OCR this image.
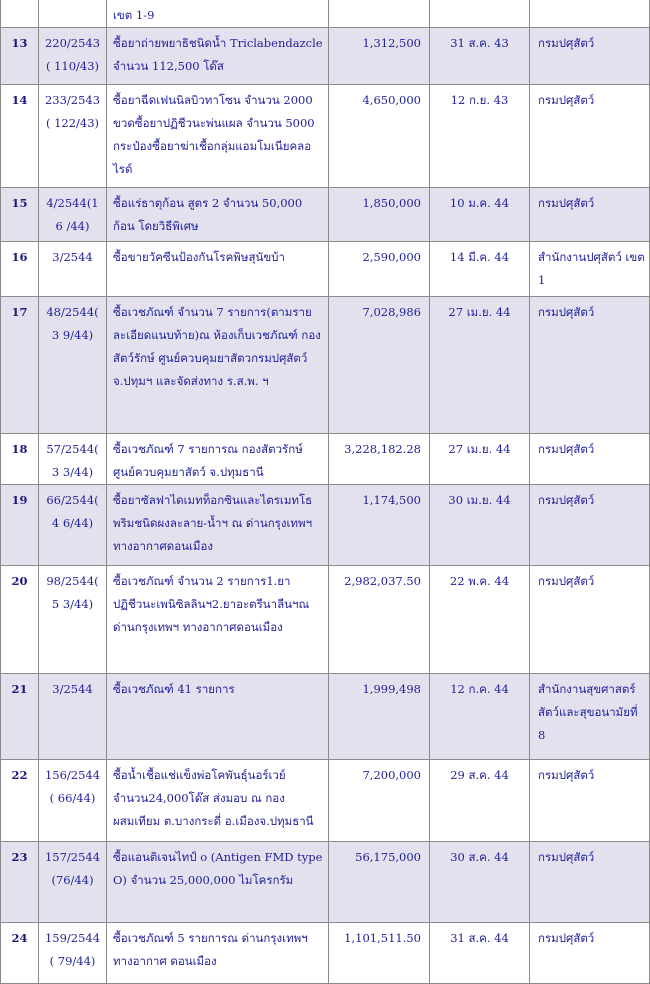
		เขต 1-9			
13	220/2543( 110/43)	ซื้อยาถ่ายพยาธิชนิดน้ำ Triclabendazcle จำนวน 112,500 โด๊ส	1,312,500	31 ส.ค. 43	กรมปศุสัตว์
14	233/2543( 122/43)	ซื้อยาฉีดเฟนนิลบิวทาโซน จำนวน 2000 ขวดซื้อยาปฏิชีวนะพ่นแผล จำนวน 5000 กระป๋องซื้อยาฆ่าเชื้อกลุ่มแอมโมเนียคลอไรด์	4,650,000	12 ก.ย. 43	กรมปศุสัตว์
15	4/2544(16 /44)	ซื้อแร่ธาตุก้อน สูตร 2 จำนวน 50,000 ก้อน โดยวิธีพิเศษ	1,850,000	10 ม.ค. 44	กรมปศุสัตว์
16	3/2544	ซื้อขายวัคซีนป้องกันโรคพิษสุนัขบ้า	2,590,000	14 มี.ค. 44	สำนักงานปศุสัตว์ เขต 1
17	48/2544(3 9/44)	ซื้อเวชภัณฑ์ จำนวน 7 รายการ(ตามรายละเอียดแนบท้าย)ณ ห้องเก็บเวชภัณฑ์ กองสัตว์รักษ์ ศูนย์ควบคุมยาสัตวกรมปศุสัตว์ จ.ปทุมฯ และจัดส่งทาง ร.ส.พ. ฯ	7,028,986	27 เม.ย. 44	กรมปศุสัตว์
18	57/2544(3 3/44)	ซื้อเวชภัณฑ์ 7 รายการณ กองสัตวรักษ์ ศูนย์ควบคุมยาสัตว์ จ.ปทุมธานี	3,228,182.28	27 เม.ย. 44	กรมปศุสัตว์
19	66/2544(4 6/44)	ซื้อยาซัลฟาไดเมทท็อกซินและไตรเมทโธพริมชนิดผงละลาย-น้ำฯ ณ ด่านกรุงเทพฯ ทางอากาศดอนเมือง	1,174,500	30 เม.ย. 44	กรมปศุสัตว์
20	98/2544(5 3/44)	ซื้อเวชภัณฑ์ จำนวน 2 รายการ1.ยาปฏิชีวนะเพนิซิลลินฯ2.ยาอะตรีนาลีนฯณ ด่านกรุงเทพฯ ทางอากาศดอนเมือง	2,982,037.50	22 พ.ค. 44	กรมปศุสัตว์
21	3/2544	ซื้อเวชภัณฑ์ 41 รายการ	1,999,498	12 ก.ค. 44	สำนักงานสุขศาสตร์สัตว์และสุขอนามัยที่ 8
22	156/2544( 66/44)	ซื้อน้ำเชื้อแช่แข็งพ่อโคพันธุ์นอร์เวย์ จำนวน24,000โด๊ส ส่งมอบ ณ กองผสมเทียม ต.บางกระดี่ อ.เมืองจ.ปทุมธานี	7,200,000	29 ส.ค. 44	กรมปศุสัตว์
23	157/2544 (76/44)	ซื้อแอนติเจนไทป์ o (Antigen FMD type O) จำนวน 25,000,000 ไมโครกรัม	56,175,000	30 ส.ค. 44	กรมปศุสัตว์
24	159/2544( 79/44)	ซื้อเวชภัณฑ์ 5 รายการณ ด่านกรุงเทพฯ ทางอากาศ ดอนเมือง	1,101,511.50	31 ส.ค. 44	กรมปศุสัตว์
